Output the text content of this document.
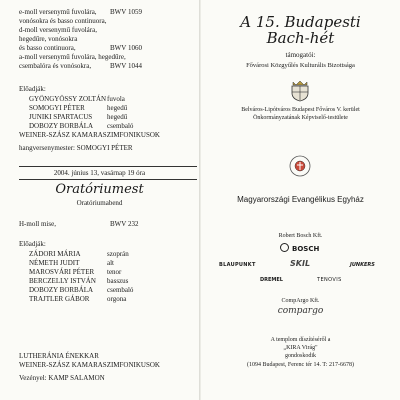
e-moll versenymű fuvolára, BWV 1059
vonósokra és basso continuora,
d-moll versenymű fuvolára,
hegedűre, vonósokra
és basso continuora,	BWV 1060
a-moll versenymű fuvolára, hegedűre,
csembalóra és vonósokra,	BWV 1044
Előadják:
GYÖNGYÖSSY ZOLTÁN fuvola
SOMOGYI PÉTER	hegedű
JUNIKI SPARTACUS hegedű
DOBOZY BORBÁLA csembaló
WEINER-SZÁSZ KAMARASZIMFONIKUSOK
hangversenymester: SOMOGYI PÉTER
2004. június 13, vasárnap 19 óra
Oratóriumest
Oratóriumabend
H-moll mise,	BWV 232
Előadják:
ZÁDORI MÁRIA	szoprán
NÉMETH JUDIT	alt
MAROSVÁRI PÉTER tenor
BERCZELLY ISTVÁN basszus
DOBOZY BORBÁLA csembaló
TRAJTLER GÁBOR	orgona
LUTHERÁNIA ÉNEKKAR
WEINER-SZÁSZ KAMARASZIMFONIKUSOK
Vezényel: KAMP SALAMON
A 15. Budapesti
Bach-hét
támogatói:
Fővárosi Közgyűlés Kulturális Bizottsága
Belváros-Lipótváros Budapest Főváros V. kerület
Önkormányzatának Képviselő-testülete
Magyarországi Evangélikus Egyház
Robert Bosch Kft.
BOSCH
BLAUPUNKT	SKIL	JUNKERS
DREMEL	TENOVIS
CompArgo Kft.
compargo
A templom díszítéséről a
„KIRA Virág"
gondoskodik
(1094 Budapest, Ferenc tér 14. T: 217-6678)
